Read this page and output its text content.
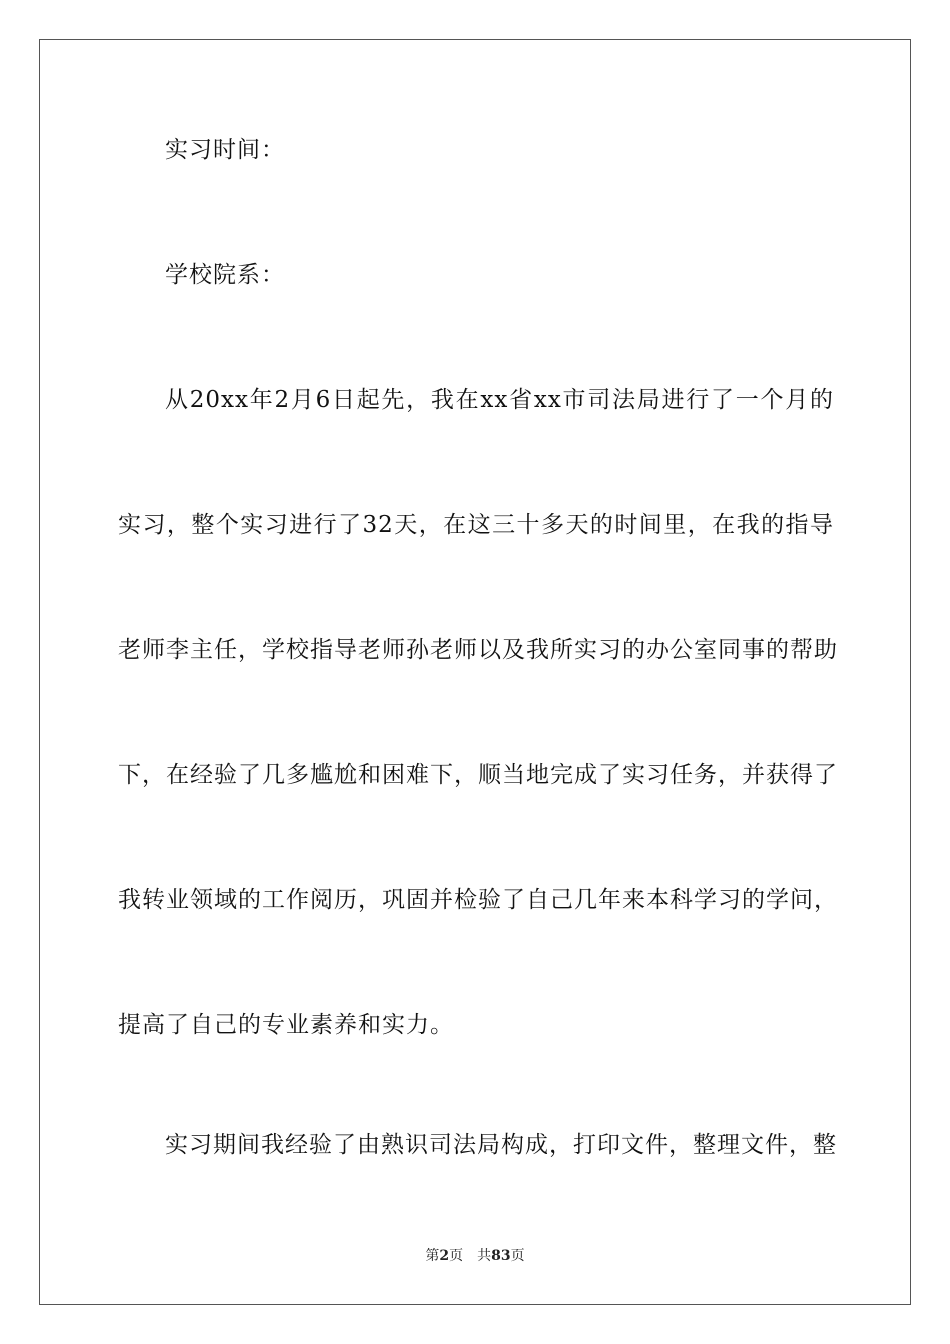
实习时间：
学校院系：
从20xx年2月6日起先，我在xx省xx市司法局进行了一个月的
实习，整个实习进行了32天，在这三十多天的时间里，在我的指导
老师李主任，学校指导老师孙老师以及我所实习的办公室同事的帮助
下，在经验了几多尴尬和困难下，顺当地完成了实习任务，并获得了
我转业领域的工作阅历，巩固并检验了自己几年来本科学习的学问，
提高了自己的专业素养和实力。
实习期间我经验了由熟识司法局构成，打印文件，整理文件，整
第2页 共83页
